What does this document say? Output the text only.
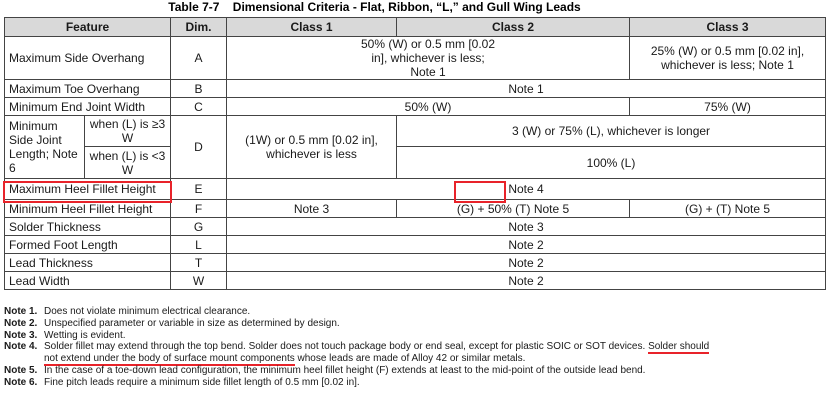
Table 7-7 Dimensional Criteria - Flat, Ribbon, “L,” and Gull Wing Leads
Feature		Dim.	Class 1	Class 2	Class 3
Maximum Side Overhang		A	50% (W) or 0.5 mm [0.02 in], whichever is less; Note 1		25% (W) or 0.5 mm [0.02 in], whichever is less; Note 1
Maximum Toe Overhang		B	Note 1		
Minimum End Joint Width		C	50% (W)		75% (W)
Minimum Side Joint Length; Note 6	when (L) is ≥3 W	D	(1W) or 0.5 mm [0.02 in], whichever is less	3 (W) or 75% (L), whichever is longer	
	when (L) is <3 W			100% (L)	
Maximum Heel Fillet Height		E	Note 4		
Minimum Heel Fillet Height		F	Note 3	(G) + 50% (T) Note 5	(G) + (T) Note 5
Solder Thickness		G	Note 3		
Formed Foot Length		L	Note 2		
Lead Thickness		T	Note 2		
Lead Width		W	Note 2		
Note 1. Does not violate minimum electrical clearance.
Note 2. Unspecified parameter or variable in size as determined by design.
Note 3. Wetting is evident.
Note 4. Solder fillet may extend through the top bend. Solder does not touch package body or end seal, except for plastic SOIC or SOT devices. Solder should
not extend under the body of surface mount components whose leads are made of Alloy 42 or similar metals.
Note 5. In the case of a toe-down lead configuration, the minimum heel fillet height (F) extends at least to the mid-point of the outside lead bend.
Note 6. Fine pitch leads require a minimum side fillet length of 0.5 mm [0.02 in].
